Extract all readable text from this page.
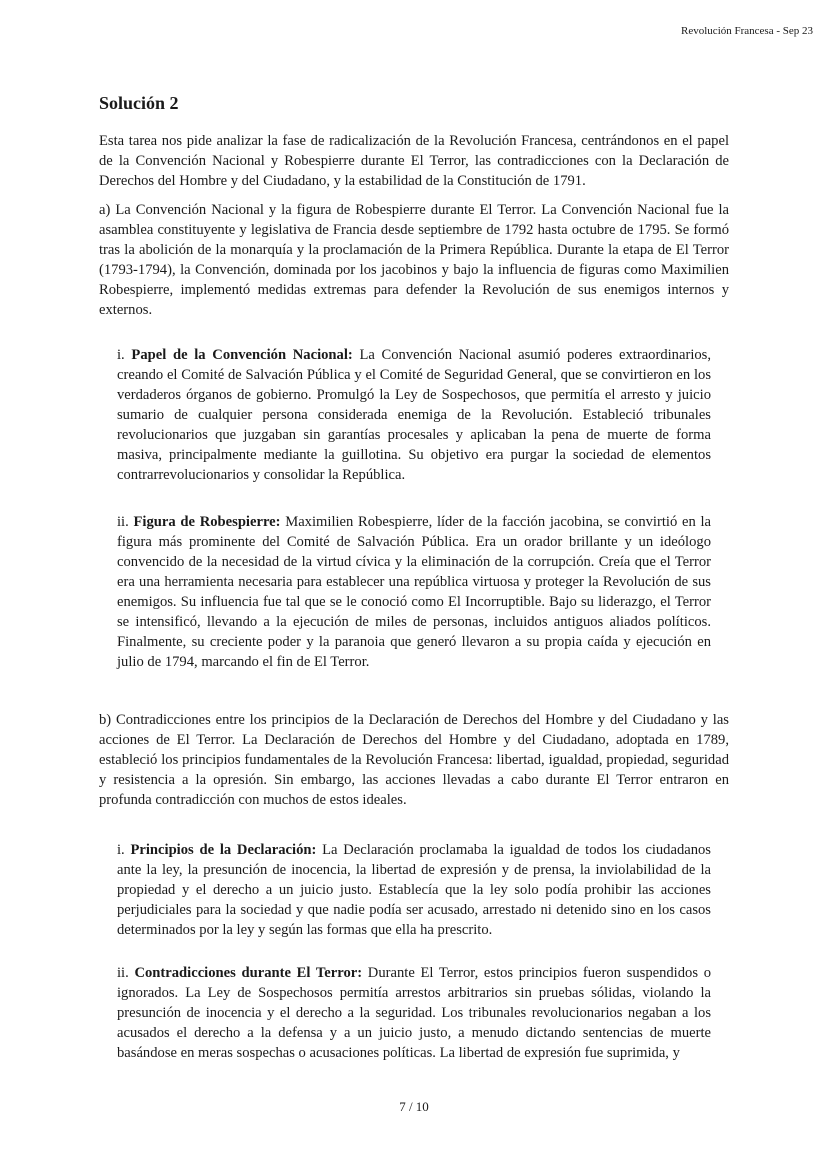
Revolución Francesa - Sep 23
Solución 2

Esta tarea nos pide analizar la fase de radicalización de la Revolución Francesa, centrándonos en el papel de la Convención Nacional y Robespierre durante El Terror, las contradicciones con la Declaración de Derechos del Hombre y del Ciudadano, y la estabilidad de la Constitución de 1791.

a) La Convención Nacional y la figura de Robespierre durante El Terror. La Convención Nacional fue la asamblea constituyente y legislativa de Francia desde septiembre de 1792 hasta octubre de 1795. Se formó tras la abolición de la monarquía y la proclamación de la Primera República. Durante la etapa de El Terror (1793-1794), la Convención, dominada por los jacobinos y bajo la influencia de figuras como Maximilien Robespierre, implementó medidas extremas para defender la Revolución de sus enemigos internos y externos.

i. Papel de la Convención Nacional: La Convención Nacional asumió poderes extraordinarios, creando el Comité de Salvación Pública y el Comité de Seguridad General, que se convirtieron en los verdaderos órganos de gobierno. Promulgó la Ley de Sospechosos, que permitía el arresto y juicio sumario de cualquier persona considerada enemiga de la Revolución. Estableció tribunales revolucionarios que juzgaban sin garantías procesales y aplicaban la pena de muerte de forma masiva, principalmente mediante la guillotina. Su objetivo era purgar la sociedad de elementos contrarrevolucionarios y consolidar la República.

ii. Figura de Robespierre: Maximilien Robespierre, líder de la facción jacobina, se convirtió en la figura más prominente del Comité de Salvación Pública. Era un orador brillante y un ideólogo convencido de la necesidad de la virtud cívica y la eliminación de la corrupción. Creía que el Terror era una herramienta necesaria para establecer una república virtuosa y proteger la Revolución de sus enemigos. Su influencia fue tal que se le conoció como El Incorruptible. Bajo su liderazgo, el Terror se intensificó, llevando a la ejecución de miles de personas, incluidos antiguos aliados políticos. Finalmente, su creciente poder y la paranoia que generó llevaron a su propia caída y ejecución en julio de 1794, marcando el fin de El Terror.

b) Contradicciones entre los principios de la Declaración de Derechos del Hombre y del Ciudadano y las acciones de El Terror. La Declaración de Derechos del Hombre y del Ciudadano, adoptada en 1789, estableció los principios fundamentales de la Revolución Francesa: libertad, igualdad, propiedad, seguridad y resistencia a la opresión. Sin embargo, las acciones llevadas a cabo durante El Terror entraron en profunda contradicción con muchos de estos ideales.

i. Principios de la Declaración: La Declaración proclamaba la igualdad de todos los ciudadanos ante la ley, la presunción de inocencia, la libertad de expresión y de prensa, la inviolabilidad de la propiedad y el derecho a un juicio justo. Establecía que la ley solo podía prohibir las acciones perjudiciales para la sociedad y que nadie podía ser acusado, arrestado ni detenido sino en los casos determinados por la ley y según las formas que ella ha prescrito.

ii. Contradicciones durante El Terror: Durante El Terror, estos principios fueron suspendidos o ignorados. La Ley de Sospechosos permitía arrestos arbitrarios sin pruebas sólidas, violando la presunción de inocencia y el derecho a la seguridad. Los tribunales revolucionarios negaban a los acusados el derecho a la defensa y a un juicio justo, a menudo dictando sentencias de muerte basándose en meras sospechas o acusaciones políticas. La libertad de expresión fue suprimida, y

7 / 10
